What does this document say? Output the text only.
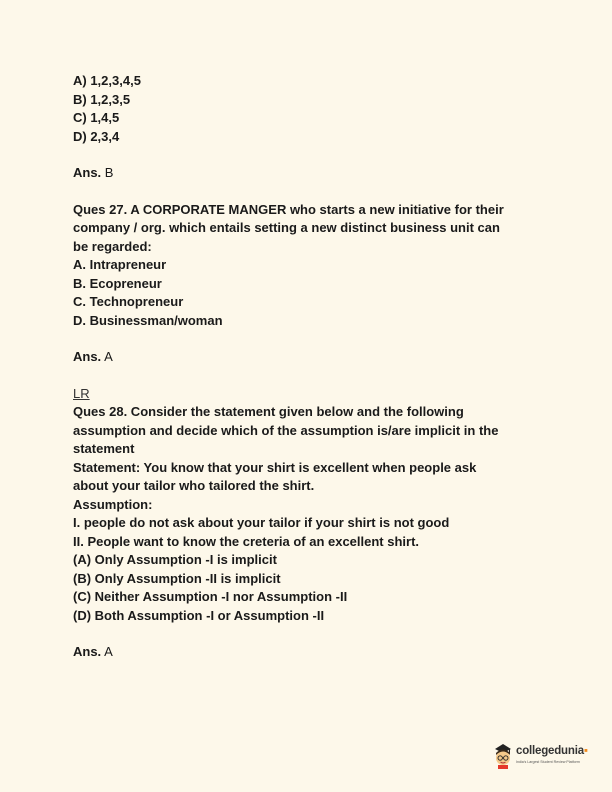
A) 1,2,3,4,5
B) 1,2,3,5
C) 1,4,5
D) 2,3,4
Ans. B
Ques 27. A CORPORATE MANGER who starts a new initiative for their
company / org. which entails setting a new distinct business unit can
be regarded:
A. Intrapreneur
B. Ecopreneur
C. Technopreneur
D. Businessman/woman
Ans. A
LR
Ques 28. Consider the statement given below and the following
assumption and decide which of the assumption is/are implicit in the
statement
Statement: You know that your shirt is excellent when people ask
about your tailor who tailored the shirt.
Assumption:
I. people do not ask about your tailor if your shirt is not good
II. People want to know the creteria of an excellent shirt.
(A) Only Assumption -I is implicit
(B) Only Assumption -II is implicit
(C) Neither Assumption -I nor Assumption -II
(D) Both Assumption -I or Assumption -II
Ans. A
collegedunia▪
India's Largest Student Review Platform
